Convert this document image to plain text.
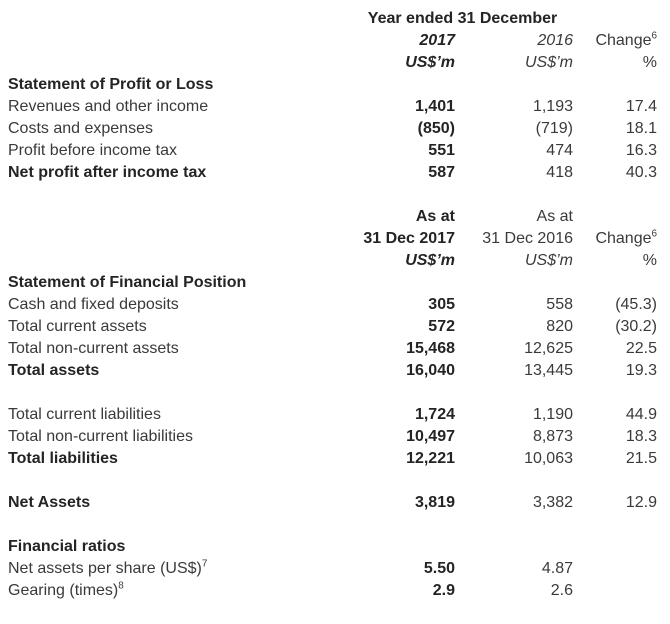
Year ended 31 December
2017	2016	Change$^6$
US$’m	US$’m	%
Statement of Profit or Loss
Revenues and other income	1,401	1,193	17.4
Costs and expenses	(850)	(719)	18.1
Profit before income tax	551	474	16.3
Net profit after income tax	587	418	40.3
As at	As at
31 Dec 2017	31 Dec 2016	Change$^6$
US$’m	US$’m	%
Statement of Financial Position
Cash and fixed deposits	305	558	(45.3)
Total current assets	572	820	(30.2)
Total non-current assets	15,468	12,625	22.5
Total assets	16,040	13,445	19.3
Total current liabilities	1,724	1,190	44.9
Total non-current liabilities	10,497	8,873	18.3
Total liabilities	12,221	10,063	21.5
Net Assets	3,819	3,382	12.9
Financial ratios
Net assets per share (US$)$^7$	5.50	4.87
Gearing (times)$^8$	2.9	2.6
